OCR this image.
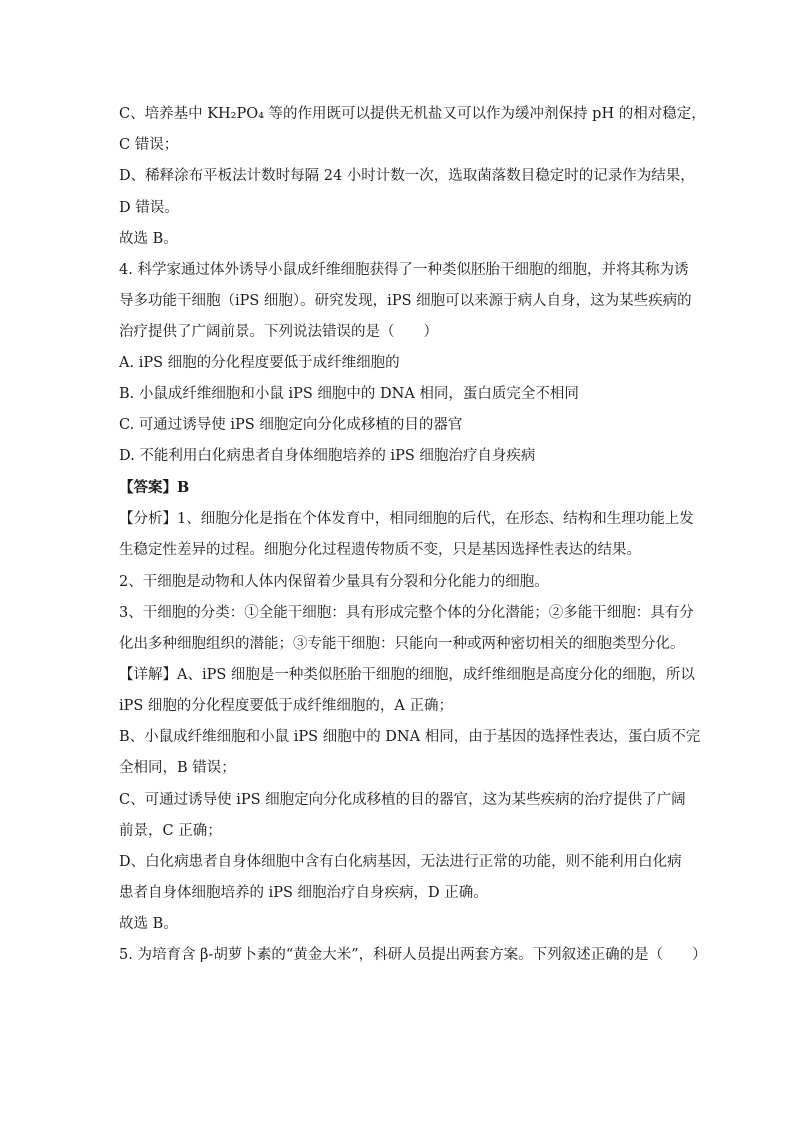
C、培养基中 KH₂PO₄ 等的作用既可以提供无机盐又可以作为缓冲剂保持 pH 的相对稳定，
C 错误；
D、稀释涂布平板法计数时每隔 24 小时计数一次，选取菌落数目稳定时的记录作为结果，
D 错误。
故选 B。
4. 科学家通过体外诱导小鼠成纤维细胞获得了一种类似胚胎干细胞的细胞，并将其称为诱
导多功能干细胞（iPS 细胞）。研究发现，iPS 细胞可以来源于病人自身，这为某些疾病的
治疗提供了广阔前景。下列说法错误的是（　　）
A. iPS 细胞的分化程度要低于成纤维细胞的
B. 小鼠成纤维细胞和小鼠 iPS 细胞中的 DNA 相同，蛋白质完全不相同
C. 可通过诱导使 iPS 细胞定向分化成移植的目的器官
D. 不能利用白化病患者自身体细胞培养的 iPS 细胞治疗自身疾病
【答案】B
【分析】1、细胞分化是指在个体发育中，相同细胞的后代，在形态、结构和生理功能上发
生稳定性差异的过程。细胞分化过程遗传物质不变，只是基因选择性表达的结果。
2、干细胞是动物和人体内保留着少量具有分裂和分化能力的细胞。
3、干细胞的分类：①全能干细胞：具有形成完整个体的分化潜能；②多能干细胞：具有分
化出多种细胞组织的潜能；③专能干细胞：只能向一种或两种密切相关的细胞类型分化。
【详解】A、iPS 细胞是一种类似胚胎干细胞的细胞，成纤维细胞是高度分化的细胞，所以
iPS 细胞的分化程度要低于成纤维细胞的，A 正确；
B、小鼠成纤维细胞和小鼠 iPS 细胞中的 DNA 相同，由于基因的选择性表达，蛋白质不完
全相同，B 错误；
C、可通过诱导使 iPS 细胞定向分化成移植的目的器官，这为某些疾病的治疗提供了广阔
前景，C 正确；
D、白化病患者自身体细胞中含有白化病基因，无法进行正常的功能，则不能利用白化病
患者自身体细胞培养的 iPS 细胞治疗自身疾病，D 正确。
故选 B。
5. 为培育含 β-胡萝卜素的“黄金大米”，科研人员提出两套方案。下列叙述正确的是（　　）
